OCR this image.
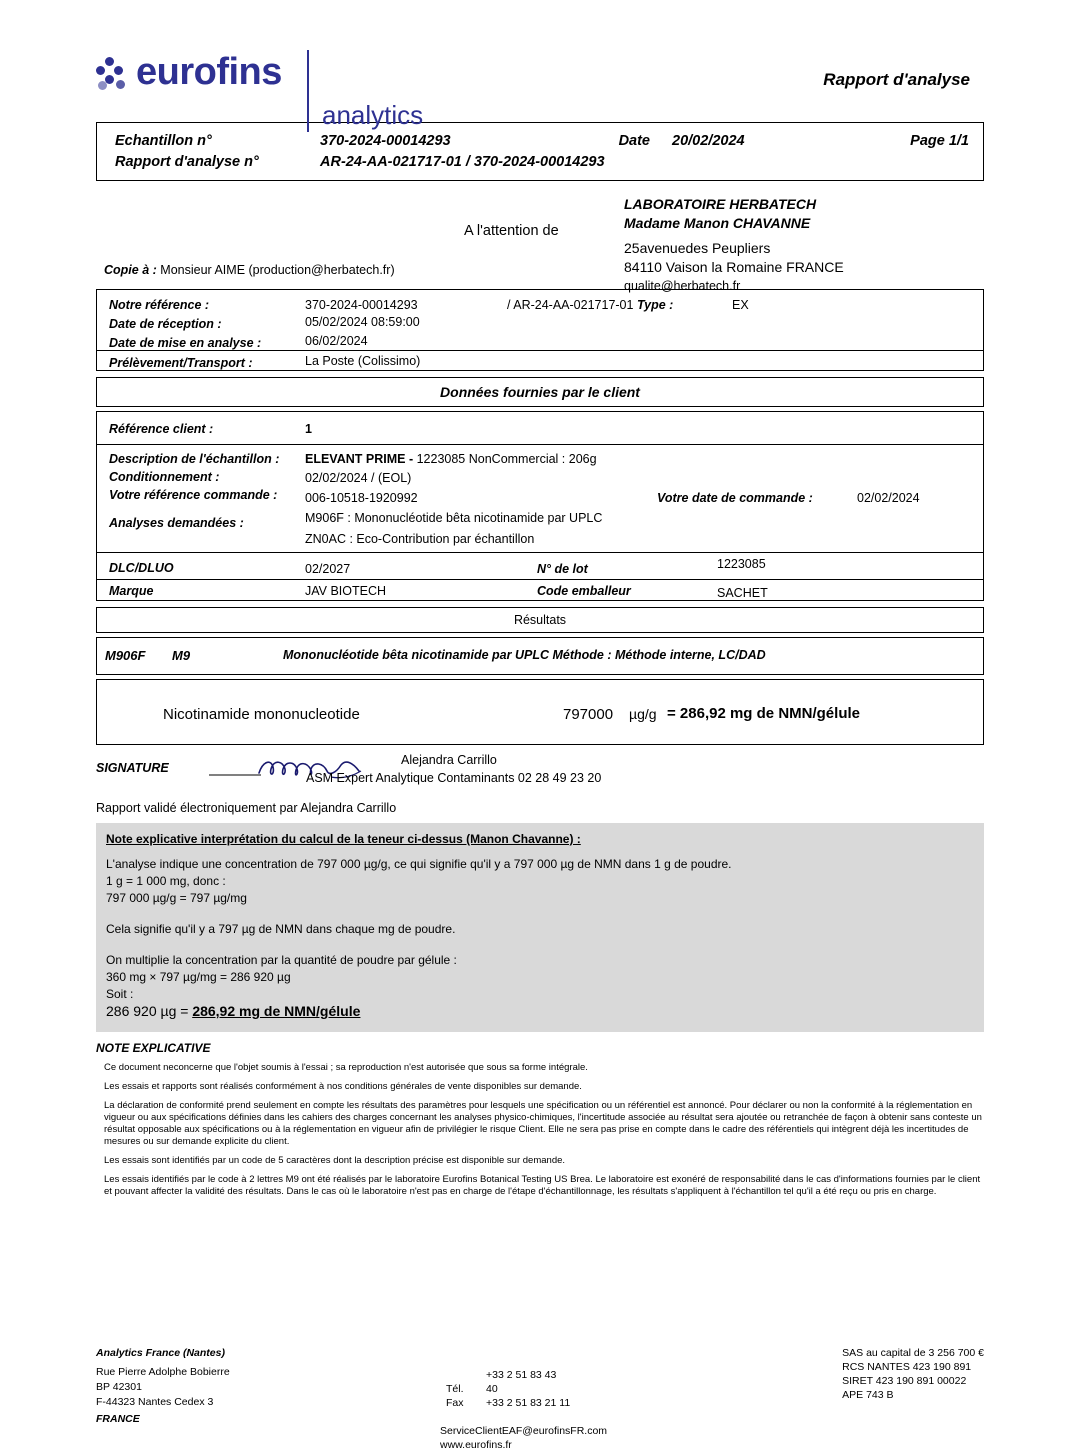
eurofins
analytics
Rapport d'analyse
Echantillon n°	370-2024-00014293	Date	20/02/2024	Page 1/1
Rapport d'analyse n°	AR-24-AA-021717-01 / 370-2024-00014293
A l'attention de
LABORATOIRE HERBATECH
Madame Manon CHAVANNE
25avenuedes Peupliers
84110 Vaison la Romaine FRANCE
qualite@herbatech.fr
Copie à : Monsieur AIME (production@herbatech.fr)
Notre référence :	370-2024-00014293	/ AR-24-AA-021717-01 Type :	EX
Date de réception :	05/02/2024 08:59:00
Date de mise en analyse :	06/02/2024
Prélèvement/Transport :	La Poste (Colissimo)
Données fournies par le client
Référence client :	1
Description de l'échantillon : ELEVANT PRIME - 1223085 NonCommercial : 206g
Conditionnement :	02/02/2024 / (EOL)
Votre référence commande : 006-10518-1920992	Votre date de commande :	02/02/2024
Analyses demandées :	M906F : Mononucléotide bêta nicotinamide par UPLC
ZN0AC : Eco-Contribution par échantillon
DLC/DLUO	02/2027	N° de lot	1223085
Marque	JAV BIOTECH	Code emballeur	SACHET
Résultats
M906F M9	Mononucléotide bêta nicotinamide par UPLC Méthode : Méthode interne, LC/DAD
Nicotinamide mononucleotide	797000 µg/g = 286,92 mg de NMN/gélule
SIGNATURE
Alejandra Carrillo
ASM Expert Analytique Contaminants 02 28 49 23 20
Rapport validé électroniquement par Alejandra Carrillo
Note explicative interprétation du calcul de la teneur ci-dessus (Manon Chavanne) :
L'analyse indique une concentration de 797 000 µg/g, ce qui signifie qu'il y a 797 000 µg de NMN dans 1 g de poudre.
1 g = 1 000 mg, donc :
797 000 µg/g = 797 µg/mg
Cela signifie qu'il y a 797 µg de NMN dans chaque mg de poudre.
On multiplie la concentration par la quantité de poudre par gélule :
360 mg × 797 µg/mg = 286 920 µg
Soit :
286 920 µg = 286,92 mg de NMN/gélule
NOTE EXPLICATIVE

Ce document neconcerne que l'objet soumis à l'essai ; sa reproduction n'est autorisée que sous sa forme intégrale.

Les essais et rapports sont réalisés conformément à nos conditions générales de vente disponibles sur demande.

La déclaration de conformité prend seulement en compte les résultats des paramètres pour lesquels une spécification ou un référentiel est annoncé. Pour déclarer ou non la conformité à la réglementation en vigueur ou aux spécifications définies dans les cahiers des charges concernant les analyses physico-chimiques, l'incertitude associée au résultat sera ajoutée ou retranchée de façon à obtenir sans conteste un résultat opposable aux spécifications ou à la réglementation en vigueur afin de privilégier le risque Client. Elle ne sera pas prise en compte dans le cadre des référentiels qui intègrent déjà les incertitudes de mesures ou sur demande explicite du client.

Les essais sont identifiés par un code de 5 caractères dont la description précise est disponible sur demande.

Les essais identifiés par le code à 2 lettres M9 ont été réalisés par le laboratoire Eurofins Botanical Testing US Brea. Le laboratoire est exonéré de responsabilité dans le cas d'informations fournies par le client et pouvant affecter la validité des résultats. Dans le cas où le laboratoire n'est pas en charge de l'étape d'échantillonnage, les résultats s'appliquent à l'échantillon tel qu'il a été reçu ou pris en charge.

Analytics France (Nantes)
Rue Pierre Adolphe Bobierre
BP 42301
F-44323 Nantes Cedex 3
FRANCE
Tél.+33 2 51 83 43 40
Fax +33 2 51 83 21 11
ServiceClientEAF@eurofinsFR.com
www.eurofins.fr
SAS au capital de 3 256 700 €
RCS NANTES 423 190 891
SIRET 423 190 891 00022
APE 743 B
